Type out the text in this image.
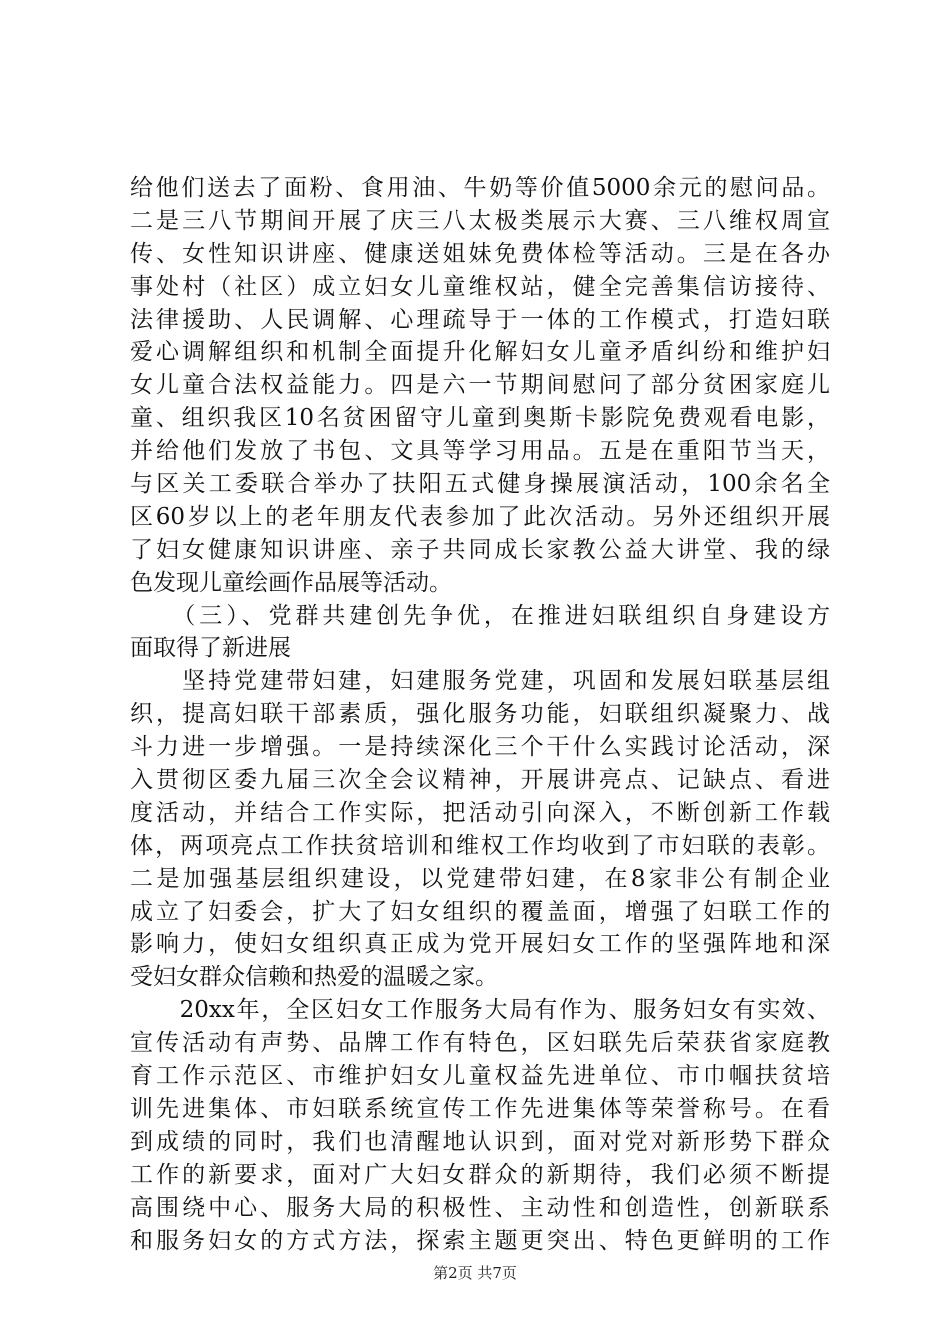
给他们送去了面粉、食用油、牛奶等价值5000余元的慰问品。
二是三八节期间开展了庆三八太极类展示大赛、三八维权周宣
传、女性知识讲座、健康送姐妹免费体检等活动。三是在各办
事处村（社区）成立妇女儿童维权站，健全完善集信访接待、
法律援助、人民调解、心理疏导于一体的工作模式，打造妇联
爱心调解组织和机制全面提升化解妇女儿童矛盾纠纷和维护妇
女儿童合法权益能力。四是六一节期间慰问了部分贫困家庭儿
童、组织我区10名贫困留守儿童到奥斯卡影院免费观看电影，
并给他们发放了书包、文具等学习用品。五是在重阳节当天，
与区关工委联合举办了扶阳五式健身操展演活动，100余名全
区60岁以上的老年朋友代表参加了此次活动。另外还组织开展
了妇女健康知识讲座、亲子共同成长家教公益大讲堂、我的绿
色发现儿童绘画作品展等活动。
　　（三）、党群共建创先争优，在推进妇联组织自身建设方
面取得了新进展
　　坚持党建带妇建，妇建服务党建，巩固和发展妇联基层组
织，提高妇联干部素质，强化服务功能，妇联组织凝聚力、战
斗力进一步增强。一是持续深化三个干什么实践讨论活动，深
入贯彻区委九届三次全会议精神，开展讲亮点、记缺点、看进
度活动，并结合工作实际，把活动引向深入，不断创新工作载
体，两项亮点工作扶贫培训和维权工作均收到了市妇联的表彰。
二是加强基层组织建设，以党建带妇建，在8家非公有制企业
成立了妇委会，扩大了妇女组织的覆盖面，增强了妇联工作的
影响力，使妇女组织真正成为党开展妇女工作的坚强阵地和深
受妇女群众信赖和热爱的温暖之家。
　　20xx年，全区妇女工作服务大局有作为、服务妇女有实效、
宣传活动有声势、品牌工作有特色，区妇联先后荣获省家庭教
育工作示范区、市维护妇女儿童权益先进单位、市巾帼扶贫培
训先进集体、市妇联系统宣传工作先进集体等荣誉称号。在看
到成绩的同时，我们也清醒地认识到，面对党对新形势下群众
工作的新要求，面对广大妇女群众的新期待，我们必须不断提
高围绕中心、服务大局的积极性、主动性和创造性，创新联系
和服务妇女的方式方法，探索主题更突出、特色更鲜明的工作
第2页 共7页
